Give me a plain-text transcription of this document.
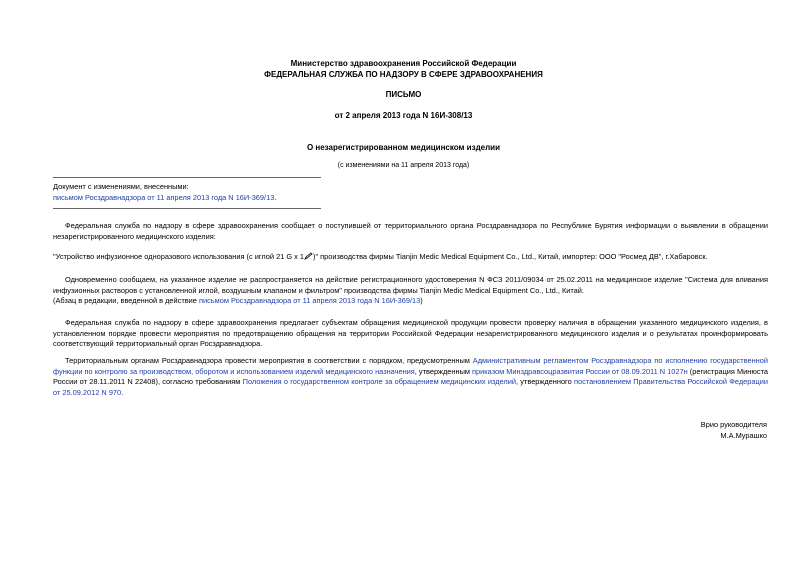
Министерство здравоохранения Российской Федерации
ФЕДЕРАЛЬНАЯ СЛУЖБА ПО НАДЗОРУ В СФЕРЕ ЗДРАВООХРАНЕНИЯ
ПИСЬМО
от 2 апреля 2013 года N 16И-308/13
О незарегистрированном медицинском изделии
(с изменениями на 11 апреля 2013 года)
Документ с изменениями, внесенными:
письмом Росздравнадзора от 11 апреля 2013 года N 16И-369/13.
Федеральная служба по надзору в сфере здравоохранения сообщает о поступившей от территориального органа Росздравнадзора по Республике Бурятия информации о выявлении в обращении незарегистрированного медицинского изделия:
"Устройство инфузионное одноразового использования (с иглой 21 G x 1 )" производства фирмы Tianjin Medic Medical Equipment Co., Ltd., Китай, импортер: ООО "Росмед ДВ", г.Хабаровск.
Одновременно сообщаем, на указанное изделие не распространяется на действие регистрационного удостоверения N ФСЗ 2011/09034 от 25.02.2011 на медицинское изделие "Система для вливания инфузионных растворов с установленной иглой, воздушным клапаном и фильтром" производства фирмы Tianjin Medic Medical Equipment Co., Ltd., Китай.
(Абзац в редакции, введенной в действие письмом Росздравнадзора от 11 апреля 2013 года N 16И-369/13)
Федеральная служба по надзору в сфере здравоохранения предлагает субъектам обращения медицинской продукции провести проверку наличия в обращении указанного медицинского изделия, в установленном порядке провести мероприятия по предотвращению обращения на территории Российской Федерации незарегистрированного медицинского изделия и о результатах проинформировать соответствующий территориальный орган Росздравнадзора.
Территориальным органам Росздравнадзора провести мероприятия в соответствии с порядком, предусмотренным Административным регламентом Росздравнадзора по исполнению государственной функции по контролю за производством, оборотом и использованием изделий медицинского назначения, утвержденным приказом Минздравсоцразвития России от 08.09.2011 N 1027н (регистрация Минюста России от 28.11.2011 N 22408), согласно требованиям Положения о государственном контроле за обращением медицинских изделий, утвержденного постановлением Правительства Российской Федерации от 25.09.2012 N 970.
Врио руководителя
М.А.Мурашко
